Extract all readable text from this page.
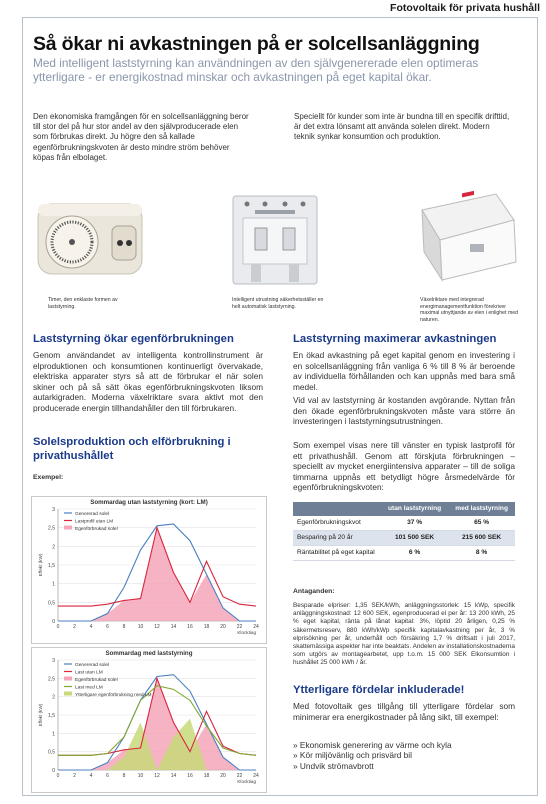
Fotovoltaik för privata hushåll
Så ökar ni avkastningen på er solcellsanläggning
Med intelligent laststyrning kan användningen av den självgenererade elen optimeras ytterligare - er energikostnad minskar och avkastningen på eget kapital ökar.
Den ekonomiska framgången för en solcellsanläggning beror till stor del på hur stor andel av den självproducerade elen som förbrukas direkt. Ju högre den så kallade egenförbrukningskvoten är desto mindre ström behöver köpas från elbolaget.
Speciellt för kunder som inte är bundna till en specifik drifttid, är det extra lönsamt att använda solelen direkt. Modern teknik synkar konsumtion och produktion.
Timer, den enklaste formen av laststyrning.
Intelligent utrustning säkerhetsställer en helt automatisk laststyrning.
Växelriktare med integrerad energimanagementfunktion förekriver maximal utnyttjande av elen i enlighet med naturen.
Laststyrning ökar egenförbrukningen
Genom användandet av intelligenta kontrollinstrument är elproduktionen och konsumtionen kontinuerligt övervakade, elektriska apparater styrs så att de förbrukar el när solen skiner och på så sätt ökas egenförbrukningskvoten liksom autarkigraden. Moderna växelriktare svara aktivt mot den producerade energin tillhandahåller den till förbrukaren.
Solelsproduktion och elförbrukning i privathushållet
Exempel:
Sommardag utan laststyrning (kort: LM)
0
0,5
1
1,5
2
2,5
3
0	2	4	6	8 10 12 14 16 18 20 22 24
Effekt (kW)
Klocktiag
Genererad solel
Lastprofil utan LM
Egenförbrukad solel
Sommardag med laststyrning
0
0,5
1
1,5
2
2,5
3
0	2	4	6	8 10 12 14 16 18 20 22 24
Effekt (kW)
Klocktiag
Genererad solel
Last utan LM
Egenförbrukad solel
Last med LM
Ytterligare egenförbrukning med LM
Laststyrning maximerar avkastningen
En ökad avkastning på eget kapital genom en investering i en solcellsanläggning från vanliga 6 % till 8 % är beroende av individuella förhållanden och kan uppnås med bara små medel.
Vid val av laststyrning är kostanden avgörande. Nyttan från den ökade egenförbrukningskvoten måste vara större än investeringen i laststyrningsutrustningen.
Som exempel visas nere till vänster en typisk lastprofil för ett privathushåll. Genom att förskjuta förbrukningen – speciellt av mycket energiintensiva apparater – till de soliga timmarna uppnås ett betydligt högre årsmedelvärde för egenförbrukningskvoten:
	utan laststyrning	med laststyrning
Egenförbrukningskvot	37 %	65 %
Besparing på 20 år	101 500 SEK	215 600 SEK
Räntabilitet på eget kapital	6 %	8 %
Antaganden:
Besparade elpriser: 1,35 SEK/kWh, anläggningsstorlek: 15 kWp, specifik anläggningskostnad: 12 600 SEK, egenproducerad el per år: 13 200 kWh, 25 % eget kapital, ränta på lånat kapital: 3%, löptid 20 årligen, 0,25 % säkermetsreserv, 880 kWh/kWp specifik kapitalavkastning per år, 3 % elprisökning per år, underhåll och försäkring 1,7 % driftsatt i juli 2017, skattemässiga aspekter har inte beaktats. Andelen av installationskostnaderna som utgörs av montagearbetet, upp t.o.m. 15 000 SEK Elkonsumtion i hushållet 25 000 kWh / år.
Ytterligare fördelar inkluderade!
Med fotovoltaik ges tillgång till ytterligare fördelar som minimerar era energikostnader på lång sikt, till exempel:
» Ekonomisk generering av värme och kyla
» Kör miljövänlig och prisvärd bil
» Undvik strömavbrott
